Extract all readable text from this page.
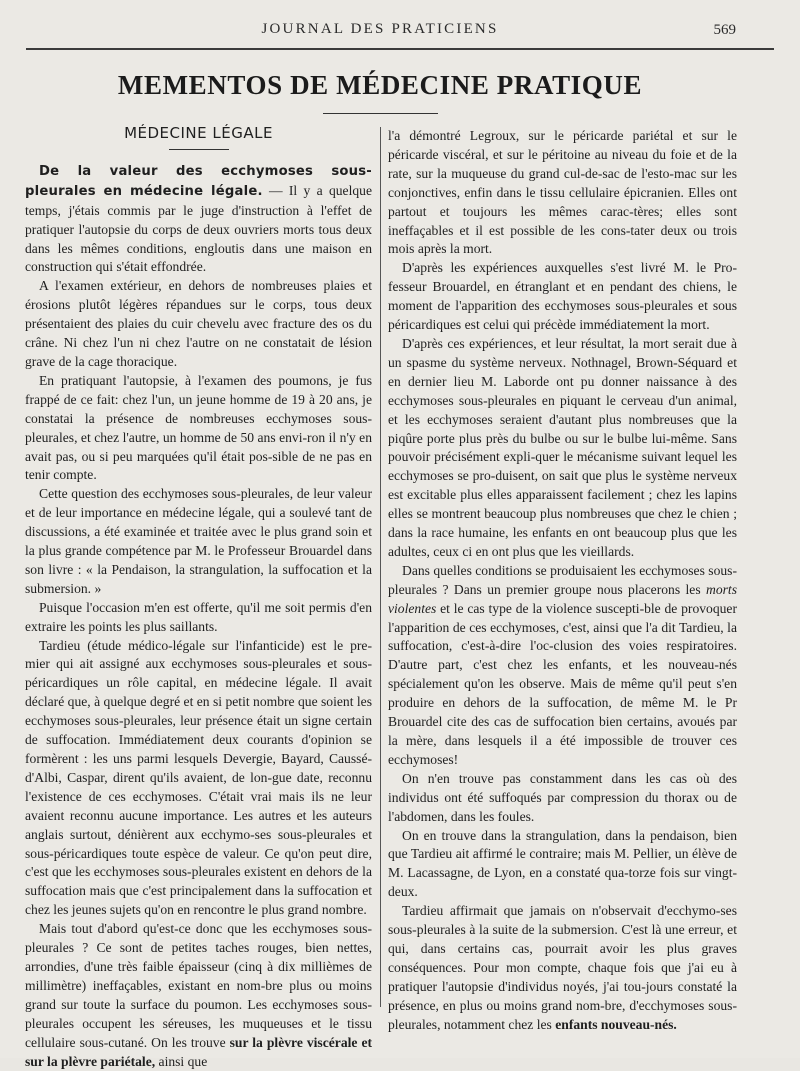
JOURNAL DES PRATICIENS	569
MEMENTOS DE MÉDECINE PRATIQUE
MÉDECINE LÉGALE

De la valeur des ecchymoses sous-pleurales en médecine légale. — Il y a quelque temps, j'étais commis par le juge d'instruction à l'effet de pratiquer l'autopsie du corps de deux ouvriers morts tous deux dans les mêmes conditions, engloutis dans une maison en construction qui s'était effondrée.

A l'examen extérieur, en dehors de nombreuses plaies et érosions plutôt légères répandues sur le corps, tous deux présentaient des plaies du cuir chevelu avec fracture des os du crâne. Ni chez l'un ni chez l'autre on ne constatait de lésion grave de la cage thoracique.

En pratiquant l'autopsie, à l'examen des poumons, je fus frappé de ce fait: chez l'un, un jeune homme de 19 à 20 ans, je constatai la présence de nombreuses ecchymoses sous-pleurales, et chez l'autre, un homme de 50 ans envi-ron il n'y en avait pas, ou si peu marquées qu'il était pos-sible de ne pas en tenir compte.

Cette question des ecchymoses sous-pleurales, de leur valeur et de leur importance en médecine légale, qui a soulevé tant de discussions, a été examinée et traitée avec le plus grand soin et la plus grande compétence par M. le Professeur Brouardel dans son livre : « la Pendaison, la strangulation, la suffocation et la submersion. »

Puisque l'occasion m'en est offerte, qu'il me soit permis d'en extraire les points les plus saillants.

Tardieu (étude médico-légale sur l'infanticide) est le pre-mier qui ait assigné aux ecchymoses sous-pleurales et sous-péricardiques un rôle capital, en médecine légale. Il avait déclaré que, à quelque degré et en si petit nombre que soient les ecchymoses sous-pleurales, leur présence était un signe certain de suffocation. Immédiatement deux courants d'opinion se formèrent : les uns parmi lesquels Devergie, Bayard, Caussé-d'Albi, Caspar, dirent qu'ils avaient, de lon-gue date, reconnu l'existence de ces ecchymoses. C'était vrai mais ils ne leur avaient reconnu aucune importance. Les autres et les auteurs anglais surtout, dénièrent aux ecchymo-ses sous-pleurales et sous-péricardiques toute espèce de valeur. Ce qu'on peut dire, c'est que les ecchymoses sous-pleurales existent en dehors de la suffocation mais que c'est principalement dans la suffocation et chez les jeunes sujets qu'on en rencontre le plus grand nombre.

Mais tout d'abord qu'est-ce donc que les ecchymoses sous-pleurales ? Ce sont de petites taches rouges, bien nettes, arrondies, d'une très faible épaisseur (cinq à dix millièmes de millimètre) ineffaçables, existant en nom-bre plus ou moins grand sur toute la surface du poumon. Les ecchymoses sous-pleurales occupent les séreuses, les muqueuses et le tissu cellulaire sous-cutané. On les trouve sur la plèvre viscérale et sur la plèvre pariétale, ainsi que

l'a démontré Legroux, sur le péricarde pariétal et sur le péricarde viscéral, et sur le péritoine au niveau du foie et de la rate, sur la muqueuse du grand cul-de-sac de l'esto-mac sur les conjonctives, enfin dans le tissu cellulaire épicranien. Elles ont partout et toujours les mêmes carac-tères; elles sont ineffaçables et il est possible de les cons-tater deux ou trois mois après la mort.

D'après les expériences auxquelles s'est livré M. le Pro-fesseur Brouardel, en étranglant et en pendant des chiens, le moment de l'apparition des ecchymoses sous-pleurales et sous péricardiques est celui qui précède immédiatement la mort.

D'après ces expériences, et leur résultat, la mort serait due à un spasme du système nerveux. Nothnagel, Brown-Séquard et en dernier lieu M. Laborde ont pu donner naissance à des ecchymoses sous-pleurales en piquant le cerveau d'un animal, et les ecchymoses seraient d'autant plus nombreuses que la piqûre porte plus près du bulbe ou sur le bulbe lui-même. Sans pouvoir précisément expli-quer le mécanisme suivant lequel les ecchymoses se pro-duisent, on sait que plus le système nerveux est excitable plus elles apparaissent facilement ; chez les lapins elles se montrent beaucoup plus nombreuses que chez le chien ; dans la race humaine, les enfants en ont beaucoup plus que les adultes, ceux ci en ont plus que les vieillards.

Dans quelles conditions se produisaient les ecchymoses sous-pleurales ? Dans un premier groupe nous placerons les morts violentes et le cas type de la violence suscepti-ble de provoquer l'apparition de ces ecchymoses, c'est, ainsi que l'a dit Tardieu, la suffocation, c'est-à-dire l'oc-clusion des voies respiratoires. D'autre part, c'est chez les enfants, et les nouveau-nés spécialement qu'on les observe. Mais de même qu'il peut s'en produire en dehors de la suffocation, de même M. le Pr Brouardel cite des cas de suffocation bien certains, avoués par la mère, dans lesquels il a été impossible de trouver ces ecchymoses!

On n'en trouve pas constamment dans les cas où des individus ont été suffoqués par compression du thorax ou de l'abdomen, dans les foules.

On en trouve dans la strangulation, dans la pendaison, bien que Tardieu ait affirmé le contraire; mais M. Pellier, un élève de M. Lacassagne, de Lyon, en a constaté qua-torze fois sur vingt-deux.

Tardieu affirmait que jamais on n'observait d'ecchymo-ses sous-pleurales à la suite de la submersion. C'est là une erreur, et qui, dans certains cas, pourrait avoir les plus graves conséquences. Pour mon compte, chaque fois que j'ai eu à pratiquer l'autopsie d'individus noyés, j'ai tou-jours constaté la présence, en plus ou moins grand nom-bre, d'ecchymoses sous-pleurales, notamment chez les enfants nouveau-nés.
